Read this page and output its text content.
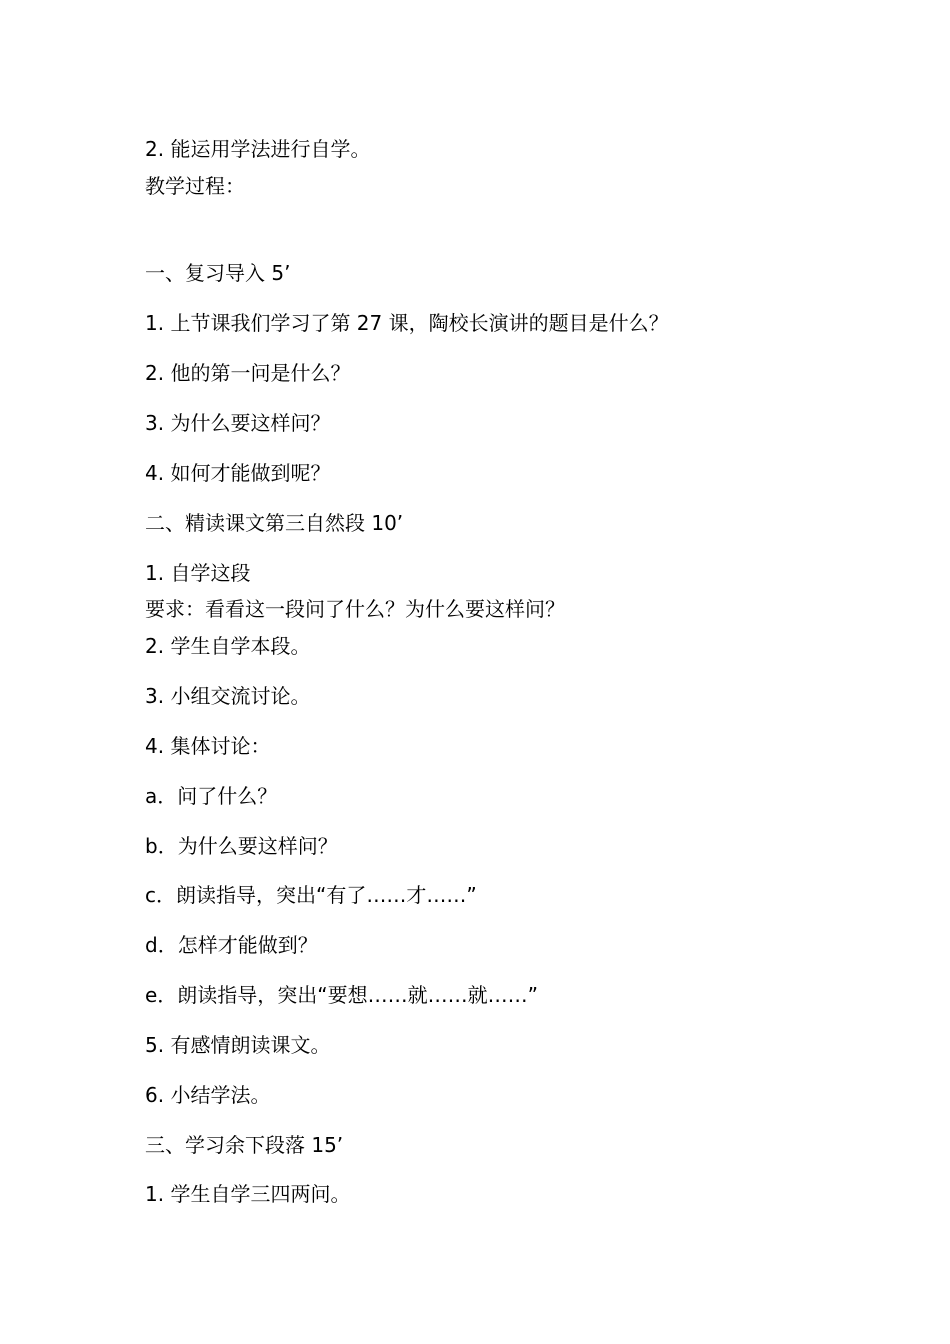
2. 能运用学法进行自学。
教学过程：
一、复习导入 5’
1. 上节课我们学习了第 27 课，陶校长演讲的题目是什么？
2. 他的第一问是什么？
3. 为什么要这样问？
4. 如何才能做到呢？
二、精读课文第三自然段 10’
1. 自学这段
要求：看看这一段问了什么？为什么要这样问？
2. 学生自学本段。
3. 小组交流讨论。
4. 集体讨论：
a．问了什么？
b．为什么要这样问？
c．朗读指导，突出“有了……才……”
d．怎样才能做到？
e．朗读指导，突出“要想……就……就……”
5. 有感情朗读课文。
6. 小结学法。
三、学习余下段落 15’
1. 学生自学三四两问。
